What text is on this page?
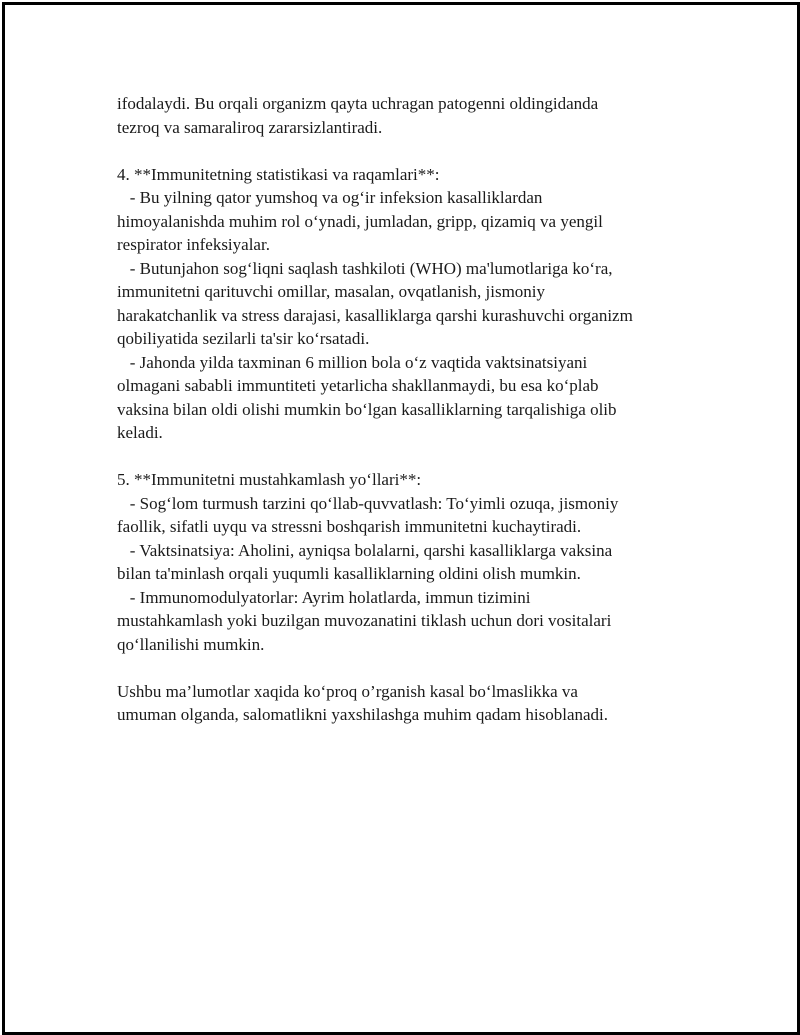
ifodalaydi. Bu orqali organizm qayta uchragan patogenni oldingidanda
tezroq va samaraliroq zararsizlantiradi.
4. **Immunitetning statistikasi va raqamlari**:
- Bu yilning qator yumshoq va og‘ir infeksion kasalliklardan
himoyalanishda muhim rol o‘ynadi, jumladan, gripp, qizamiq va yengil
respirator infeksiyalar.
- Butunjahon sog‘liqni saqlash tashkiloti (WHO) ma'lumotlariga ko‘ra,
immunitetni qarituvchi omillar, masalan, ovqatlanish, jismoniy
harakatchanlik va stress darajasi, kasalliklarga qarshi kurashuvchi organizm
qobiliyatida sezilarli ta'sir ko‘rsatadi.
- Jahonda yilda taxminan 6 million bola o‘z vaqtida vaktsinatsiyani
olmagani sababli immuntiteti yetarlicha shakllanmaydi, bu esa ko‘plab
vaksina bilan oldi olishi mumkin bo‘lgan kasalliklarning tarqalishiga olib
keladi.
5. **Immunitetni mustahkamlash yo‘llari**:
- Sog‘lom turmush tarzini qo‘llab-quvvatlash: To‘yimli ozuqa, jismoniy
faollik, sifatli uyqu va stressni boshqarish immunitetni kuchaytiradi.
- Vaktsinatsiya: Aholini, ayniqsa bolalarni, qarshi kasalliklarga vaksina
bilan ta'minlash orqali yuqumli kasalliklarning oldini olish mumkin.
- Immunomodulyatorlar: Ayrim holatlarda, immun tizimini
mustahkamlash yoki buzilgan muvozanatini tiklash uchun dori vositalari
qo‘llanilishi mumkin.
Ushbu ma’lumotlar xaqida ko‘proq o’rganish kasal bo‘lmaslikka va
umuman olganda, salomatlikni yaxshilashga muhim qadam hisoblanadi.
